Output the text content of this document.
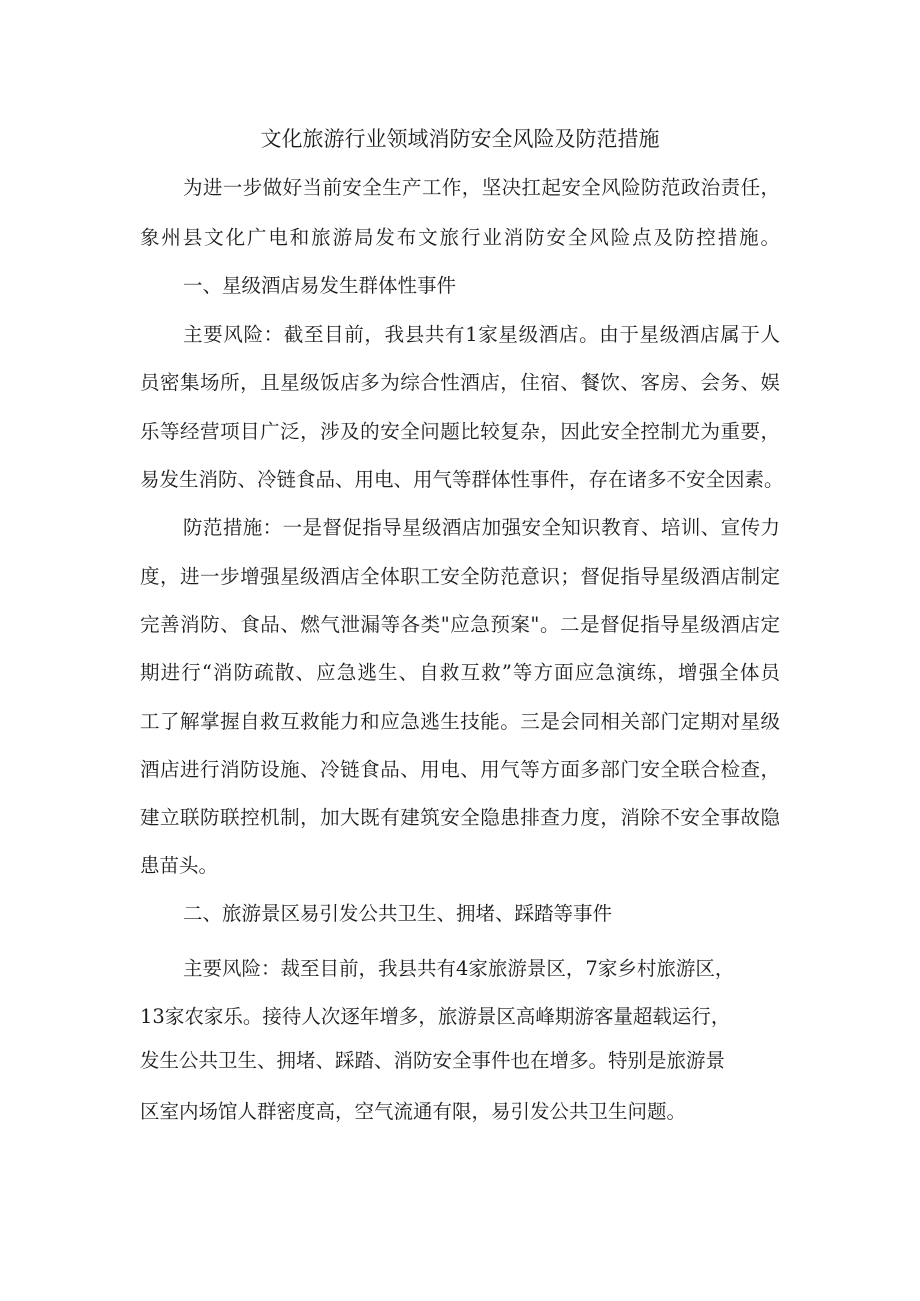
文化旅游行业领域消防安全风险及防范措施
为进一步做好当前安全生产工作，坚决扛起安全风险防范政治责任，
象州县文化广电和旅游局发布文旅行业消防安全风险点及防控措施。
一、星级酒店易发生群体性事件
主要风险：截至目前，我县共有1家星级酒店。由于星级酒店属于人
员密集场所，且星级饭店多为综合性酒店，住宿、餐饮、客房、会务、娱
乐等经营项目广泛，涉及的安全问题比较复杂，因此安全控制尤为重要，
易发生消防、冷链食品、用电、用气等群体性事件，存在诸多不安全因素。
防范措施：一是督促指导星级酒店加强安全知识教育、培训、宣传力
度，进一步增强星级酒店全体职工安全防范意识；督促指导星级酒店制定
完善消防、食品、燃气泄漏等各类"应急预案"。二是督促指导星级酒店定
期进行“消防疏散、应急逃生、自救互救”等方面应急演练，增强全体员
工了解掌握自救互救能力和应急逃生技能。三是会同相关部门定期对星级
酒店进行消防设施、冷链食品、用电、用气等方面多部门安全联合检查，
建立联防联控机制，加大既有建筑安全隐患排查力度，消除不安全事故隐
患苗头。
二、旅游景区易引发公共卫生、拥堵、踩踏等事件
主要风险：裁至目前，我县共有4家旅游景区，7家乡村旅游区，
13家农家乐。接待人次逐年增多，旅游景区高峰期游客量超载运行，
发生公共卫生、拥堵、踩踏、消防安全事件也在增多。特别是旅游景
区室内场馆人群密度高，空气流通有限，易引发公共卫生问题。
